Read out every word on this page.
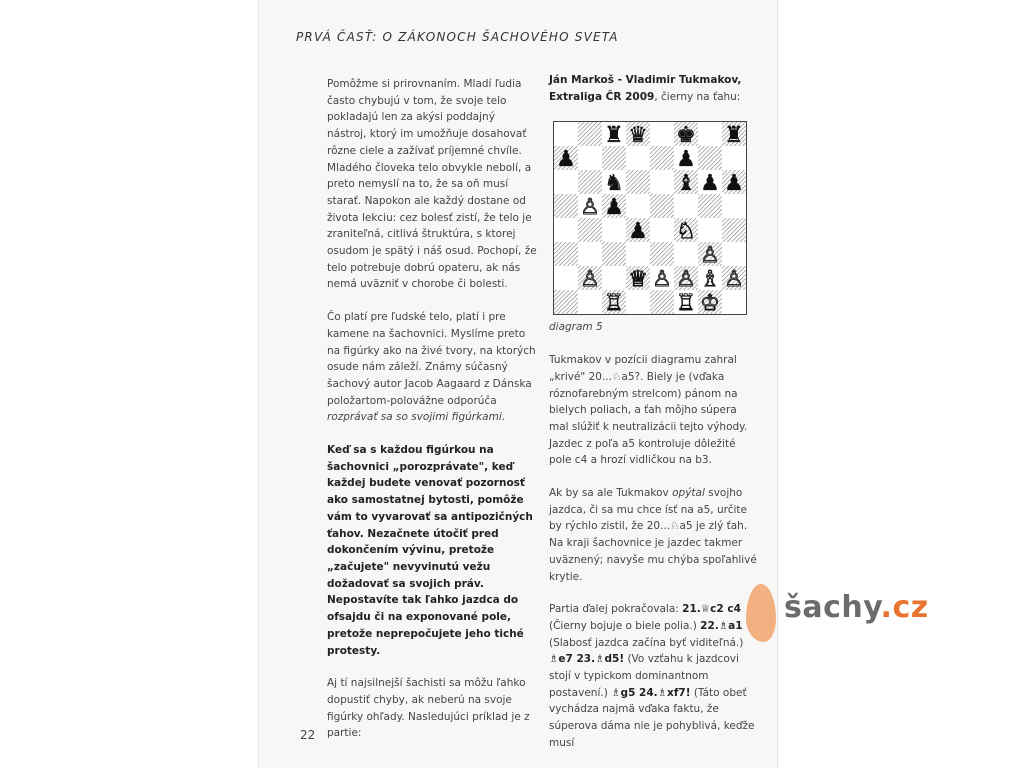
PRVÁ ČASŤ: O ZÁKONOCH ŠACHOVÉHO SVETA

Pomôžme si prirovnaním. Mladí ľudia často chybujú v tom, že svoje telo pokladajú len za akýsi poddajný nástroj, ktorý im umožňuje dosahovať rôzne ciele a zažívať príjemné chvíle. Mladého človeka telo obvykle nebolí, a preto nemyslí na to, že sa oň musí starať. Napokon ale každý dostane od života lekciu: cez bolesť zistí, že telo je zraniteľná, citlivá štruktúra, s ktorej osudom je spätý i náš osud. Pochopí, že telo potrebuje dobrú opateru, ak nás nemá uväzniť v chorobe či bolesti.

Čo platí pre ľudské telo, platí i pre kamene na šachovnici. Myslíme preto na figúrky ako na živé tvory, na ktorých osude nám záleží. Známy súčasný šachový autor Jacob Aagaard z Dánska položartom-polovážne odporúča rozprávať sa so svojimi figúrkami.

Keď sa s každou figúrkou na šachovnici „porozprávate", keď každej budete venovať pozornosť ako samostatnej bytosti, pomôže vám to vyvarovať sa antipozičných ťahov. Nezačnete útočiť pred dokončením vývinu, pretože „začujete" nevyvinutú vežu dožadovať sa svojich práv. Nepostavíte tak ľahko jazdca do ofsajdu či na exponované pole, pretože neprepočujete jeho tiché protesty.

Aj tí najsilnejší šachisti sa môžu ľahko dopustiť chyby, ak neberú na svoje figúrky ohľady. Nasledujúci príklad je z partie:

Ján Markoš - Vladimir Tukmakov,
Extraliga ČR 2009, čierny na ťahu:

♜ ♛ ♚ ♜
♟	♟
♞ ♝ ♟ ♟
♙ ♟
♟ ♘
♙
♙ ♕ ♙ ♙ ♗ ♙
♖ ♖ ♔

diagram 5

Tukmakov v pozícii diagramu zahral „krivé" 20...♘a5?. Biely je (vďaka róznofarebným strelcom) pánom na bielych poliach, a ťah môjho súpera mal slúžiť k neutralizácii tejto výhody. Jazdec z poľa a5 kontroluje dôležité pole c4 a hrozí vidličkou na b3.

Ak by sa ale Tukmakov opýtal svojho jazdca, či sa mu chce ísť na a5, určite by rýchlo zistil, že 20...♘a5 je zlý ťah. Na kraji šachovnice je jazdec takmer uväznený; navyše mu chýba spoľahlivé krytie.

Partia ďalej pokračovala: 21.♕c2 c4 (Čierny bojuje o biele polia.) 22.♗a1 (Slabosť jazdca začína byť viditeľná.) ♗e7 23.♗d5! (Vo vzťahu k jazdcovi stojí v typickom dominantnom postavení.) ♗g5 24.♗xf7! (Táto obeť vychádza najmä vďaka faktu, že súperova dáma nie je pohyblivá, keďže musí

22
šachy.cz
